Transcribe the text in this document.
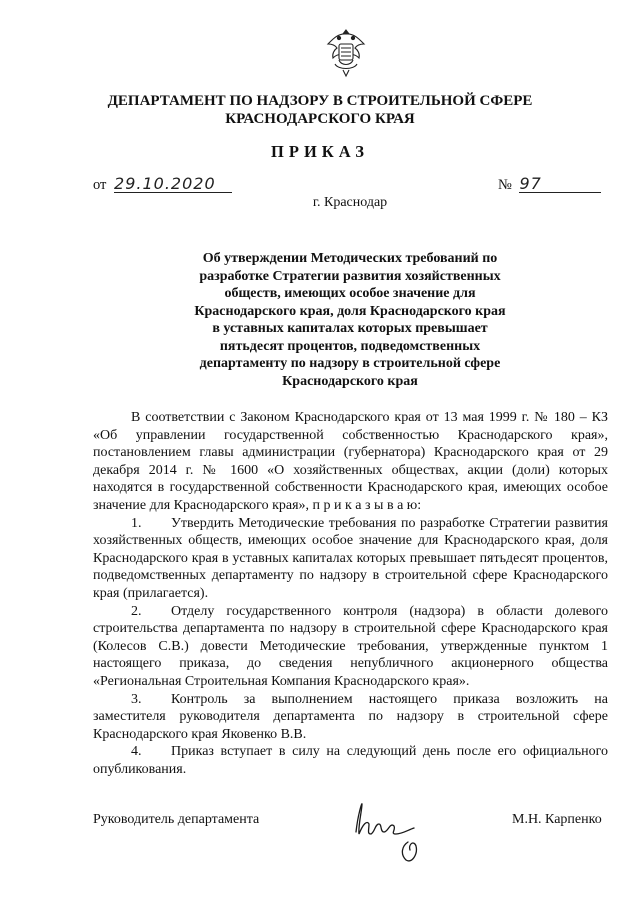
ДЕПАРТАМЕНТ ПО НАДЗОРУ В СТРОИТЕЛЬНОЙ СФЕРЕ
КРАСНОДАРСКОГО КРАЯ
ПРИКАЗ
от 29.10.2020	№ 97
г. Краснодар
Об утверждении Методических требований по
разработке Стратегии развития хозяйственных
обществ, имеющих особое значение для
Краснодарского края, доля Краснодарского края
в уставных капиталах которых превышает
пятьдесят процентов, подведомственных
департаменту по надзору в строительной сфере
Краснодарского края

В соответствии с Законом Краснодарского края от 13 мая 1999 г. № 180 – КЗ «Об управлении государственной собственностью Краснодарского края», постановлением главы администрации (губернатора) Краснодарского края от 29 декабря 2014 г. № 1600 «О хозяйственных обществах, акции (доли) которых находятся в государственной собственности Краснодарского края, имеющих особое значение для Краснодарского края», п р и к а з ы в а ю:

1. Утвердить Методические требования по разработке Стратегии развития хозяйственных обществ, имеющих особое значение для Краснодарского края, доля Краснодарского края в уставных капиталах которых превышает пятьдесят процентов, подведомственных департаменту по надзору в строительной сфере Краснодарского края (прилагается).

2. Отделу государственного контроля (надзора) в области долевого строительства департамента по надзору в строительной сфере Краснодарского края (Колесов С.В.) довести Методические требования, утвержденные пунктом 1 настоящего приказа, до сведения непубличного акционерного общества «Региональная Строительная Компания Краснодарского края».

3. Контроль за выполнением настоящего приказа возложить на заместителя руководителя департамента по надзору в строительной сфере Краснодарского края Яковенко В.В.

4. Приказ вступает в силу на следующий день после его официального опубликования.

Руководитель департамента	М.Н. Карпенко
